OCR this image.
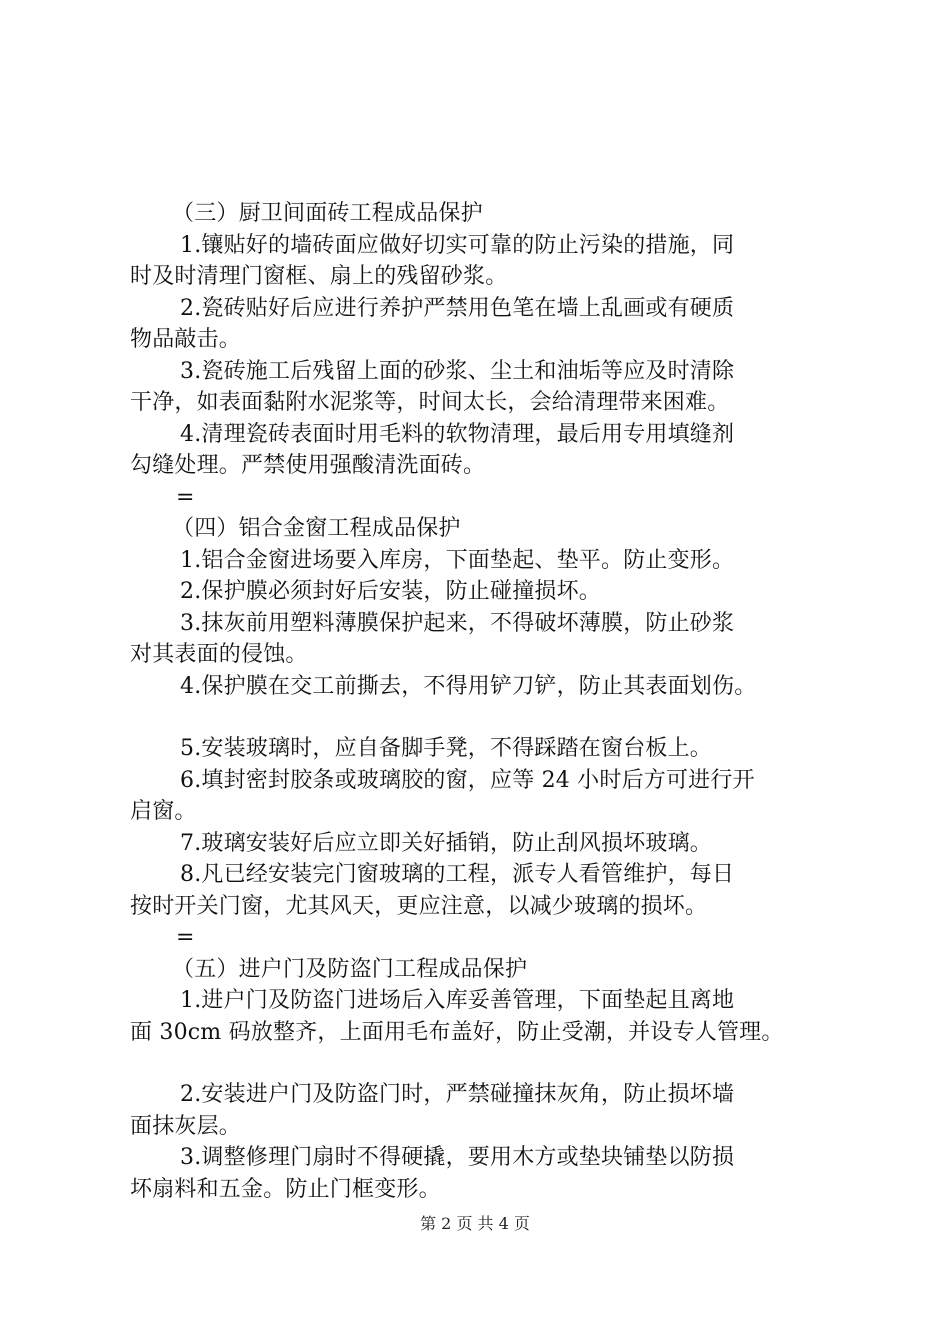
（三）厨卫间面砖工程成品保护
1.镶贴好的墙砖面应做好切实可靠的防止污染的措施，同
时及时清理门窗框、扇上的残留砂浆。
2.瓷砖贴好后应进行养护严禁用色笔在墙上乱画或有硬质
物品敲击。
3.瓷砖施工后残留上面的砂浆、尘土和油垢等应及时清除
干净，如表面黏附水泥浆等，时间太长，会给清理带来困难。
4.清理瓷砖表面时用毛料的软物清理，最后用专用填缝剂
勾缝处理。严禁使用强酸清洗面砖。
=
（四）铝合金窗工程成品保护
1.铝合金窗进场要入库房，下面垫起、垫平。防止变形。
2.保护膜必须封好后安装，防止碰撞损坏。
3.抹灰前用塑料薄膜保护起来，不得破坏薄膜，防止砂浆
对其表面的侵蚀。
4.保护膜在交工前撕去，不得用铲刀铲，防止其表面划伤。
5.安装玻璃时，应自备脚手凳，不得踩踏在窗台板上。
6.填封密封胶条或玻璃胶的窗，应等 24 小时后方可进行开
启窗。
7.玻璃安装好后应立即关好插销，防止刮风损坏玻璃。
8.凡已经安装完门窗玻璃的工程，派专人看管维护，每日
按时开关门窗，尤其风天，更应注意，以减少玻璃的损坏。
=
（五）进户门及防盗门工程成品保护
1.进户门及防盗门进场后入库妥善管理，下面垫起且离地
面 30cm 码放整齐，上面用毛布盖好，防止受潮，并设专人管理。
2.安装进户门及防盗门时，严禁碰撞抹灰角，防止损坏墙
面抹灰层。
3.调整修理门扇时不得硬撬，要用木方或垫块铺垫以防损
坏扇料和五金。防止门框变形。
第 2 页 共 4 页
